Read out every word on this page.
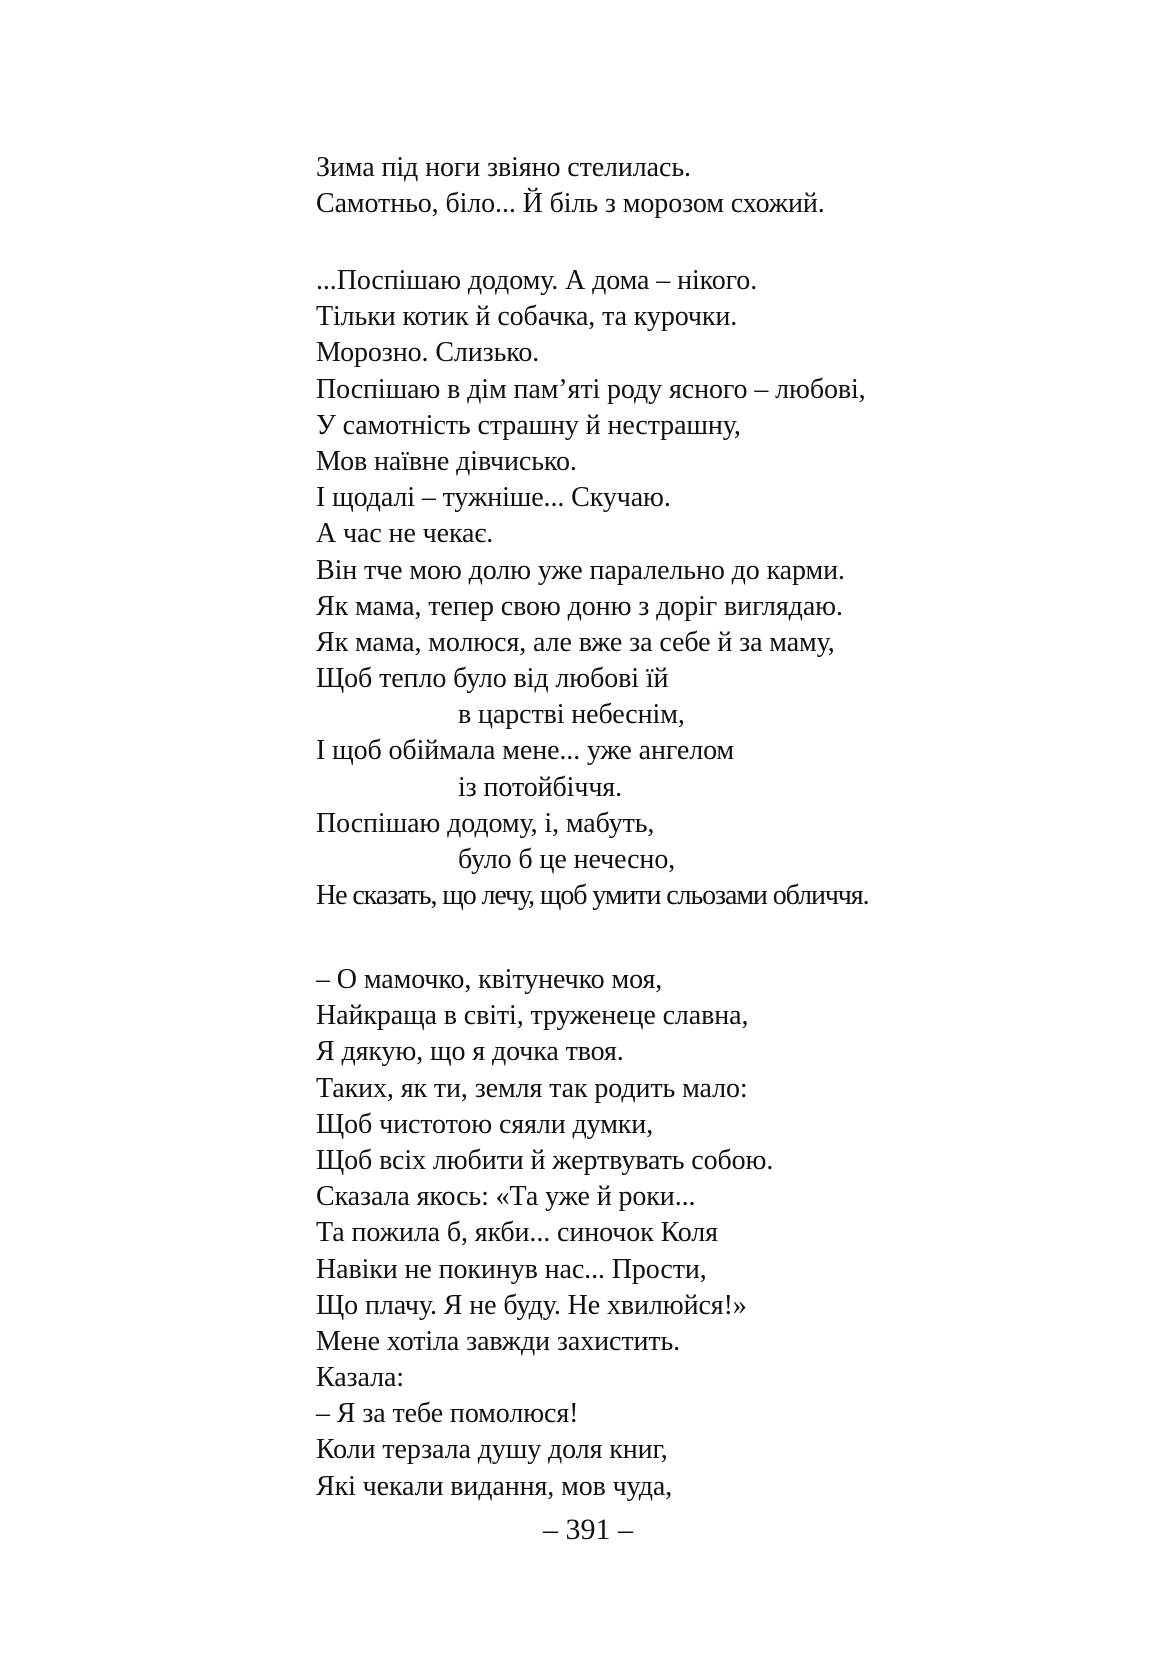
Зима під ноги звіяно стелилась.
Самотньо, біло... Й біль з морозом схожий.
...Поспішаю додому. А дома – нікого.
Тільки котик й собачка, та курочки.
Морозно. Слизько.
Поспішаю в дім пам’яті роду ясного – любові,
У самотність страшну й нестрашну,
Мов наївне дівчисько.
І щодалі – тужніше... Скучаю.
А час не чекає.
Він тче мою долю уже паралельно до карми.
Як мама, тепер свою доню з доріг виглядаю.
Як мама, молюся, але вже за себе й за маму,
Щоб тепло було від любові їй
в царстві небеснім,
І щоб обіймала мене... уже ангелом
із потойбіччя.
Поспішаю додому, і, мабуть,
було б це нечесно,
Не сказать, що лечу, щоб умити сльозами обличчя.
– О мамочко, квітунечко моя,
Найкраща в світі, труженеце славна,
Я дякую, що я дочка твоя.
Таких, як ти, земля так родить мало:
Щоб чистотою сяяли думки,
Щоб всіх любити й жертвувать собою.
Сказала якось: «Та уже й роки...
Та пожила б, якби... синочок Коля
Навіки не покинув нас... Прости,
Що плачу. Я не буду. Не хвилюйся!»
Мене хотіла завжди захистить.
Казала:
– Я за тебе помолюся!
Коли терзала душу доля книг,
Які чекали видання, мов чуда,
– 391 –
